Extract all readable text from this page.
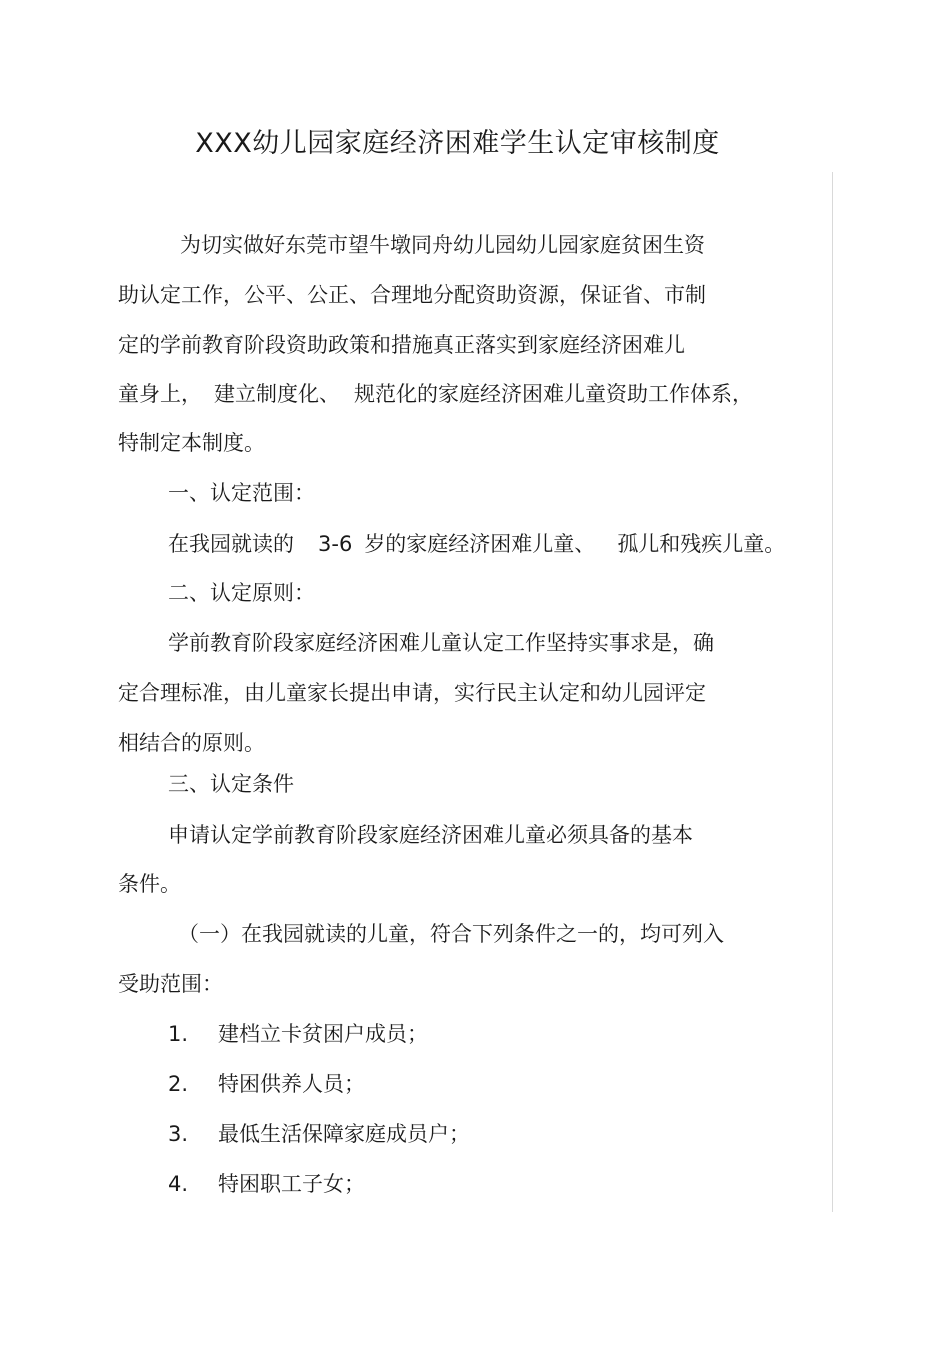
XXX幼儿园家庭经济困难学生认定审核制度
为切实做好东莞市望牛墩同舟幼儿园幼儿园家庭贫困生资
助认定工作，公平、公正、合理地分配资助资源，保证省、市制
定的学前教育阶段资助政策和措施真正落实到家庭经济困难儿
童身上， 建立制度化、 规范化的家庭经济困难儿童资助工作体系，
特制定本制度。
一、认定范围：
在我园就读的 3-6 岁的家庭经济困难儿童、 孤儿和残疾儿童。
二、认定原则：
学前教育阶段家庭经济困难儿童认定工作坚持实事求是，确
定合理标准，由儿童家长提出申请，实行民主认定和幼儿园评定
相结合的原则。
三、认定条件
申请认定学前教育阶段家庭经济困难儿童必须具备的基本
条件。
（一）在我园就读的儿童，符合下列条件之一的，均可列入
受助范围：
1. 建档立卡贫困户成员；
2. 特困供养人员；
3. 最低生活保障家庭成员户；
4. 特困职工子女；
